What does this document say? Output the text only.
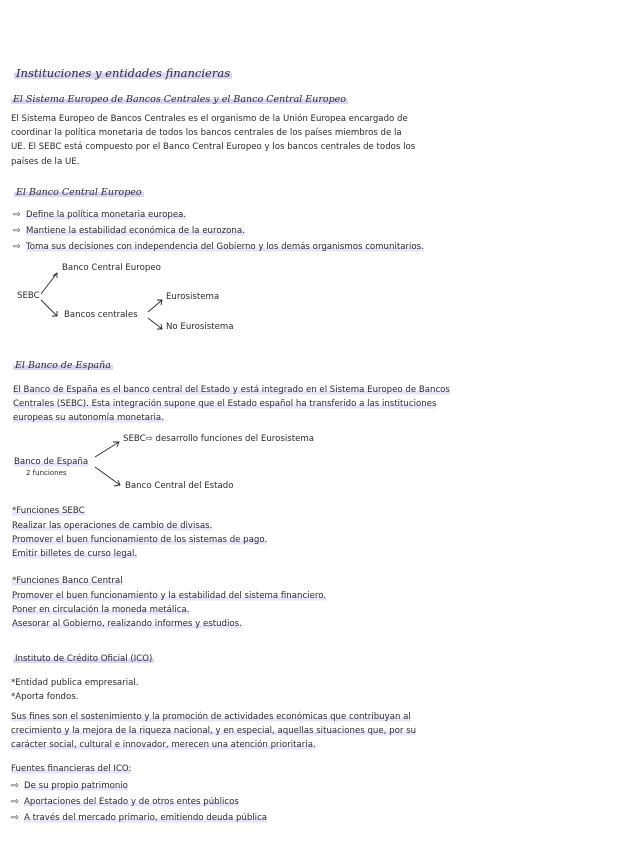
Instituciones y entidades financieras
El Sistema Europeo de Bancos Centrales y el Banco Central Europeo
El Sistema Europeo de Bancos Centrales es el organismo de la Unión Europea encargado de
coordinar la política monetaria de todos los bancos centrales de los países miembros de la
UE. El SEBC está compuesto por el Banco Central Europeo y los bancos centrales de todos los
países de la UE.
El Banco Central Europeo
⇨ Define la política monetaria europea.
⇨ Mantiene la estabilidad económica de la eurozona.
⇨ Toma sus decisiones con independencia del Gobierno y los demás organismos comunitarios.
SEBC
Banco Central Europeo
Bancos centrales
Eurosistema
No Eurosistema
El Banco de España
El Banco de España es el banco central del Estado y está integrado en el Sistema Europeo de Bancos
Centrales (SEBC). Esta integración supone que el Estado español ha transferido a las instituciones
europeas su autonomía monetaria.
Banco de España
2 funciones
SEBC⇨ desarrollo funciones del Eurosistema
Banco Central del Estado
*Funciones SEBC
Realizar las operaciones de cambio de divisas.
Promover el buen funcionamiento de los sistemas de pago.
Emitir billetes de curso legal.
*Funciones Banco Central
Promover el buen funcionamiento y la estabilidad del sistema financiero.
Poner en circulación la moneda metálica.
Asesorar al Gobierno, realizando informes y estudios.
Instituto de Crédito Oficial (ICO)
*Entidad publica empresarial.
*Aporta fondos.
Sus fines son el sostenimiento y la promoción de actividades económicas que contribuyan al
crecimiento y la mejora de la riqueza nacional, y en especial, aquellas situaciones que, por su
carácter social, cultural e innovador, merecen una atención prioritaria.
Fuentes financieras del ICO:
⇨ De su propio patrimonio
⇨ Aportaciones del Estado y de otros entes públicos
⇨ A través del mercado primario, emitiendo deuda pública
